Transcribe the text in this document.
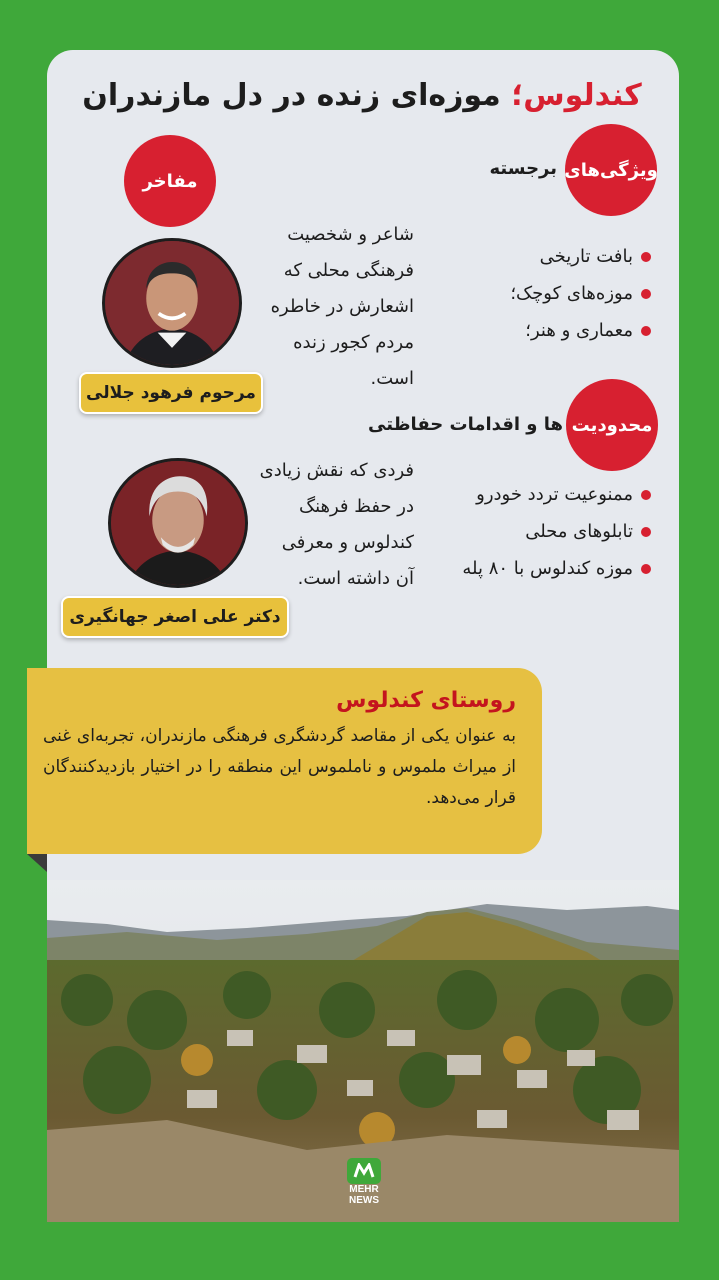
کندلوس؛ موزه‌ای زنده در دل مازندران
ویژگی‌های
برجسته
بافت تاریخی
موزه‌های کوچک؛
معماری و هنر؛
محدودیت
ها و اقدامات حفاظتی
ممنوعیت تردد خودرو
تابلوهای محلی
موزه کندلوس با ۸۰ پله
مفاخر
شاعر و شخصیت فرهنگی محلی که اشعارش در خاطره مردم کجور زنده است.
مرحوم فرهود جلالی
فردی که نقش زیادی در حفظ فرهنگ کندلوس و معرفی آن داشته است.
دکتر علی اصغر جهانگیری
روستای کندلوس

به عنوان یکی از مقاصد گردشگری فرهنگی مازندران، تجربه‌ای غنی از میراث ملموس و ناملموس این منطقه را در اختیار بازدیدکنندگان قرار می‌دهد.

MEHR
NEWS
